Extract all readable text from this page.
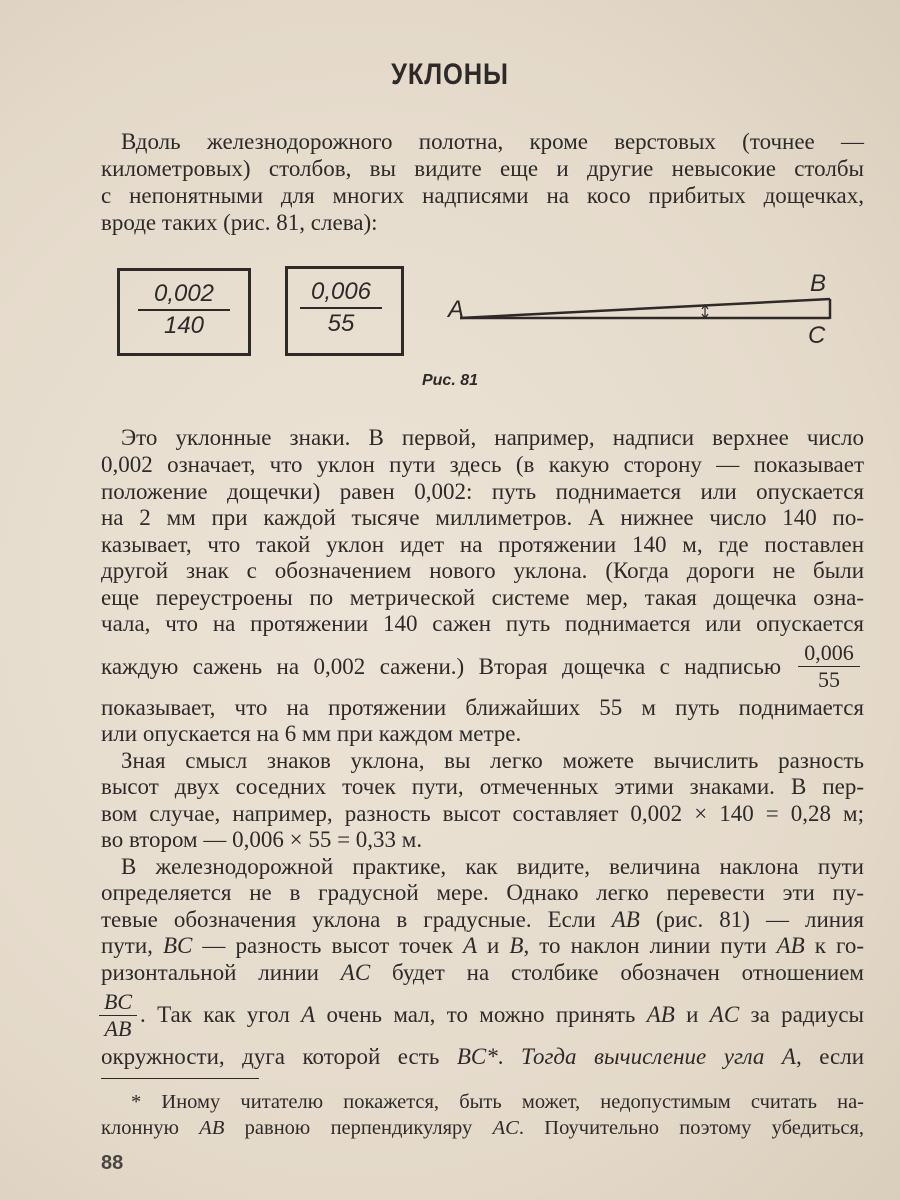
УКЛОНЫ
Вдоль железнодорожного полотна, кроме верстовых (точнее —
километровых) столбов, вы видите еще и другие невысокие столбы
с непонятными для многих надписями на косо прибитых дощечках,
вроде таких (рис. 81, слева):
$\frac{0,002}{140}$	$\frac{0,006}{55}$	A
B
C
Рис. 81
Это уклонные знаки. В первой, например, надписи верхнее число
0,002 означает, что уклон пути здесь (в какую сторону — показывает
положение дощечки) равен 0,002: путь поднимается или опускается
на 2 мм при каждой тысяче миллиметров. А нижнее число 140 по-
казывает, что такой уклон идет на протяжении 140 м, где поставлен
другой знак с обозначением нового уклона. (Когда дороги не были
еще переустроены по метрической системе мер, такая дощечка озна-
чала, что на протяжении 140 сажен путь поднимается или опускается
каждую сажень на 0,002 сажени.) Вторая дощечка с надписью $\frac{0,006}{55}$
показывает, что на протяжении ближайших 55 м путь поднимается
или опускается на 6 мм при каждом метре.
Зная смысл знаков уклона, вы легко можете вычислить разность
высот двух соседних точек пути, отмеченных этими знаками. В пер-
вом случае, например, разность высот составляет 0,002 × 140 = 0,28 м;
во втором — 0,006 × 55 = 0,33 м.
В железнодорожной практике, как видите, величина наклона пути
определяется не в градусной мере. Однако легко перевести эти пу-
тевые обозначения уклона в градусные. Если AB (рис. 81) — линия
пути, BC — разность высот точек A и B, то наклон линии пути AB к го-
ризонтальной линии AC будет на столбике обозначен отношением
$\frac{BC}{AB}$ . Так как угол A очень мал, то можно принять AB и AC за радиусы
окружности, дуга которой есть BC*. Тогда вычисление угла А, если
* Иному читателю покажется, быть может, недопустимым считать на-
клонную AB равною перпендикуляру AC. Поучительно поэтому убедиться,
88
